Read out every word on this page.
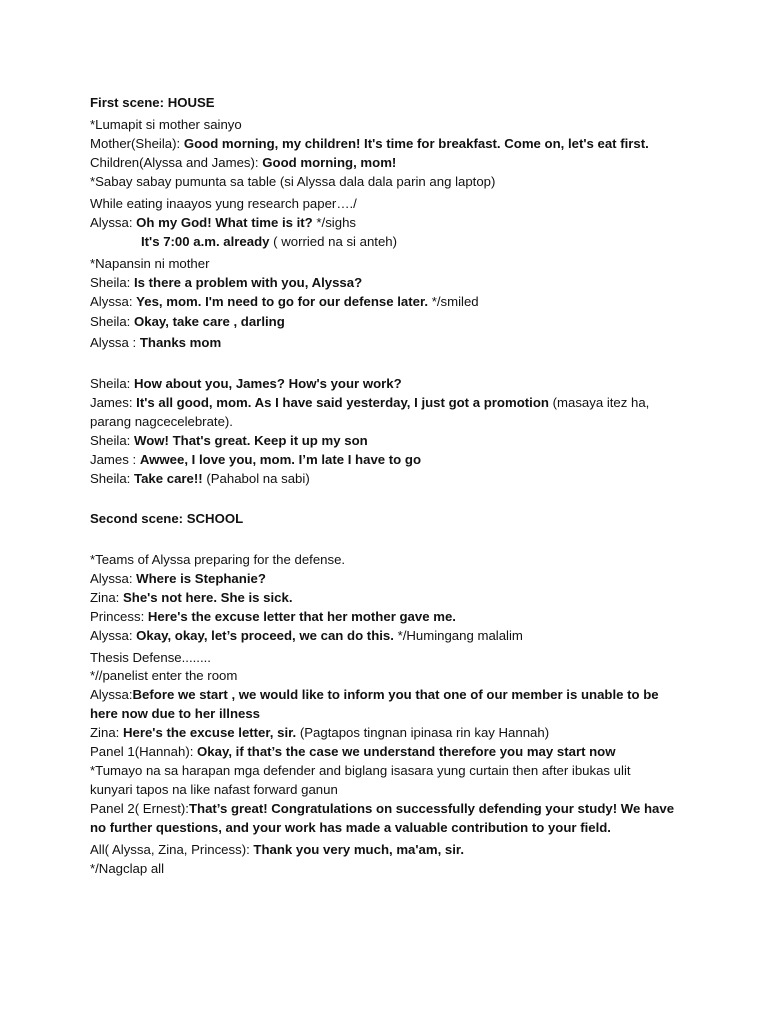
First scene: HOUSE
*Lumapit si mother sainyo
Mother(Sheila): Good morning, my children! It's time for breakfast. Come on, let's eat first.
Children(Alyssa and James): Good morning, mom!
*Sabay sabay pumunta sa table (si Alyssa dala dala parin ang laptop)
While eating inaayos yung research paper…./
Alyssa: Oh my God! What time is it? */sighs
It's 7:00 a.m. already ( worried na si anteh)
*Napansin ni mother
Sheila: Is there a problem with you, Alyssa?
Alyssa: Yes, mom. I'm need to go for our defense later. */smiled
Sheila: Okay, take care , darling
Alyssa : Thanks mom
Sheila: How about you, James? How's your work?
James: It's all good, mom. As I have said yesterday, I just got a promotion (masaya itez ha,
parang nagcecelebrate).
Sheila: Wow! That's great. Keep it up my son
James : Awwee, I love you, mom. I’m late I have to go
Sheila: Take care!! (Pahabol na sabi)
Second scene: SCHOOL
*Teams of Alyssa preparing for the defense.
Alyssa: Where is Stephanie?
Zina: She's not here. She is sick.
Princess: Here's the excuse letter that her mother gave me.
Alyssa: Okay, okay, let’s proceed, we can do this. */Humingang malalim
Thesis Defense........
*//panelist enter the room
Alyssa:Before we start , we would like to inform you that one of our member is unable to be
here now due to her illness
Zina: Here's the excuse letter, sir. (Pagtapos tingnan ipinasa rin kay Hannah)
Panel 1(Hannah): Okay, if that’s the case we understand therefore you may start now
*Tumayo na sa harapan mga defender and biglang isasara yung curtain then after ibukas ulit
kunyari tapos na like nafast forward ganun
Panel 2( Ernest):That’s great! Congratulations on successfully defending your study! We have
no further questions, and your work has made a valuable contribution to your field.
All( Alyssa, Zina, Princess): Thank you very much, ma'am, sir.
*/Nagclap all
